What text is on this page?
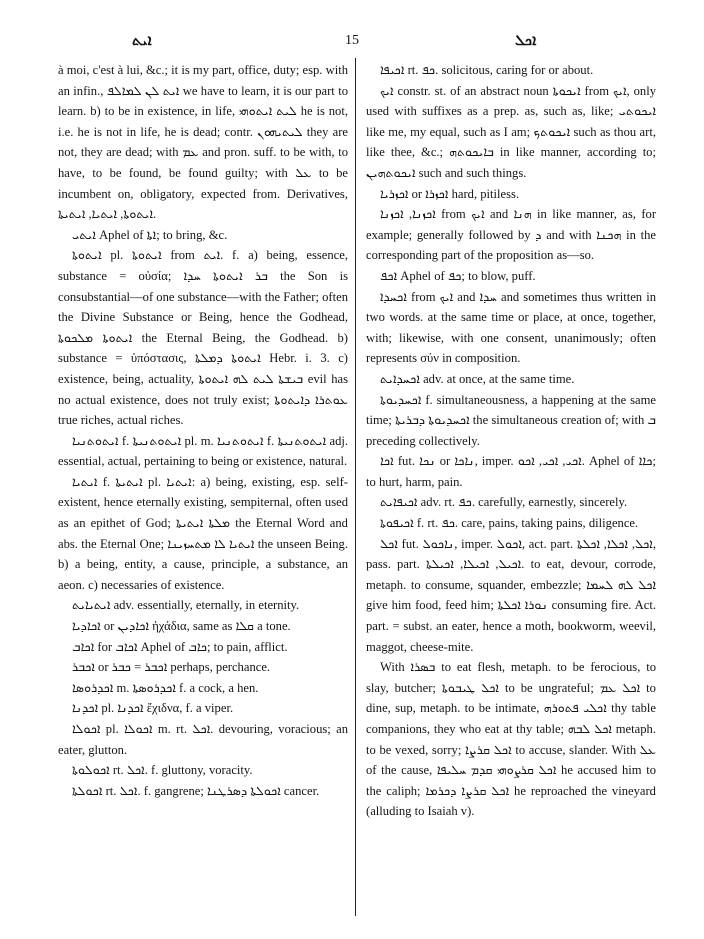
ܐܝܬ	15	ܐܟܠ

à moi, c'est à lui, &c.; it is my part, office, duty; esp. with an infin., ܐܝܬ ܠܢ ܠܡܐܠܦ we have to learn, it is our part to learn. b) to be in existence, in life, ܠܝܬ ܐܝܬܘܗܝ he is not, i.e. he is not in life, he is dead; contr. ܠܝܬܝܗܘܢ they are not, they are dead; with ܥܡ and pron. suff. to be with, to have, to be found, be found guilty; with ܥܠ to be incumbent on, obligatory, expected from. Derivatives, ܐܝܬܘܬܐ, ܐܝܬܝܐ, ܐܝܬܝܬܐ.

ܐܝܬܝ Aphel of ܐܬܐ; to bring, &c.

ܐܝܬܘܬܐ pl. ܐܝܬܘܬܐ from ܐܝܬ. f. a) being, essence, substance = οὐσία; ܒܪ ܐܝܬܘܬܐ ܚܕܐ the Son is consubstantial—of one substance—with the Father; often the Divine Substance or Being, hence the Godhead, ܐܝܬܘܬܐ ܡܠܟܘܬܐ the Eternal Being, the Godhead. b) substance = ὑπόστασις, ܐܝܬܘܬܐ ܕܡܠܬܐ Hebr. i. 3. c) existence, being, actuality, ܒܝܫܬܐ ܠܝܬ ܠܗ ܐܝܬܘܬܐ evil has no actual existence, does not truly exist; ܥܘܬܪܐ ܕܐܝܬܘܬܐ true riches, actual riches.

ܐܝܬܘܬܢܝܐ f. ܐܝܬܘܬܢܝܬܐ pl. m. ܐܝܬܘܬܢܝܐ f. ܐܝܬܘܬܢܝܬܐ adj. essential, actual, pertaining to being or existence, natural.

ܐܝܬܝܐ f. ܐܝܬܝܬܐ pl. ܐܝܬܝܐ: a) being, existing, esp. self-existent, hence eternally existing, sempiternal, often used as an epithet of God; ܡܠܬܐ ܐܝܬܝܬܐ the Eternal Word and abs. the Eternal One; ܐܝܬܝܐ ܠܐ ܡܬܚܙܝܢܐ the unseen Being. b) a being, entity, a cause, principle, a substance, an aeon. c) necessaries of existence.

ܐܝܬܝܐܝܬ adv. essentially, eternally, in eternity.

ܐܟܐܕܝܐ or ܐܟܐܕܝܢ ἠχάδια, same as ܩܠܐ a tone.

ܐܟܐܒ for ܐܟܐܒ Aphel of ܟܐܒ; to pain, afflict.

ܐܟܒܪ or ܐܟܒܪ = ܟܒܪ perhaps, perchance.

ܐܟܕܪܘܣܐ m. ܐܟܕܪܘܣܬܐ f. a cock, a hen.

ܐܟܕܢܐ pl. ܐܟܕܢܐ ἔχιδνα, f. a viper.

ܐܟܘܠܐ pl. ܐܟܘܠܐ m. rt. ܐܟܠ. devouring, voracious; an eater, glutton.

ܐܟܘܠܘܬܐ rt. ܐܟܠ. f. gluttony, voracity.

ܐܟܘܠܬܐ rt. ܐܟܠ. f. gangrene; ܐܟܘܠܬܐ ܕܣܪܛܢܐ cancer.

ܐܟܝܦܐ rt. ܟܦ. solicitous, caring for or about.

ܐܝܟ constr. st. of an abstract noun ܐܝܟܘܬܐ from ܐܝܟ, only used with suffixes as a prep. as, such as, like; ܐܝܟܘܬܝ like me, my equal, such as I am; ܐܝܟܘܬܟ such as thou art, like thee, &c.; ܒܐܝܟܘܬܗ in like manner, according to; ܐܝܟܘܬܗܝܢ such and such things.

ܐܟܙܪܝܐ or ܐܟܙܪܐ hard, pitiless.

ܐܟܙܢܐ, ܐܟܙܢܐ from ܐܝܟ and ܗܢܐ in like manner, as, for example; generally followed by ܕ and with ܗܟܢܐ in the corresponding part of the proposition as—so.

ܐܟܦ Aphel of ܟܦ; to blow, puff.

ܐܟܚܕܐ from ܐܝܟ and ܚܕܐ and sometimes thus written in two words. at the same time or place, at once, together, with; likewise, with one consent, unanimously; often represents σύν in composition.

ܐܟܚܕܐܝܬ adv. at once, at the same time.

ܐܟܚܕܝܘܬܐ f. simultaneousness, a happening at the same time; ܐܟܚܕܝܘܬܐ ܕܒܪܝܬܐ the simultaneous creation of; with ܒ preceding collectively.

ܐܟܐ fut. ܢܟܐ or ܢܐܟܐ, imper. ܐܟܝ, ܐܟܝ, ܐܟܘ. Aphel of ܟܐܐ; to hurt, harm, pain.

ܐܟܝܦܐܝܬ adv. rt. ܟܦ. carefully, earnestly, sincerely.

ܐܟܝܦܘܬܐ f. rt. ܟܦ. care, pains, taking pains, diligence.

ܐܟܠ fut. ܢܐܟܘܠ, imper. ܐܟܘܠ, act. part. ܐܟܠ, ܐܟܠܐ, ܐܟܠܬܐ, pass. part. ܐܟܝܠ, ܐܟܝܠܐ, ܐܟܝܠܬܐ. to eat, devour, corrode, metaph. to consume, squander, embezzle; ܐܟܠ ܠܗ ܠܚܡܐ give him food, feed him; ܢܘܪܐ ܐܟܠܬܐ consuming fire. Act. part. = subst. an eater, hence a moth, bookworm, weevil, maggot, cheese-mite.

With ܒܣܪܐ to eat flesh, metaph. to be ferocious, to slay, butcher; ܐܟܠ ܛܝܒܘܬܐ to be ungrateful; ܐܟܠ ܥܡ to dine, sup, metaph. to be intimate, ܐܟܠܝ ܦܬܘܪܗ thy table companions, they who eat at thy table; ܐܟܠ ܠܒܗ metaph. to be vexed, sorry; ܐܟܠ ܩܪܨܐ to accuse, slander. With ܥܠ of the cause, ܐܟܠ ܩܪܨܘܗܝ ܩܕܡ ܚܠܝܦܐ he accused him to the caliph; ܐܟܠ ܩܪܨܐ ܕܟܪܡܐ he reproached the vineyard (alluding to Isaiah v).
